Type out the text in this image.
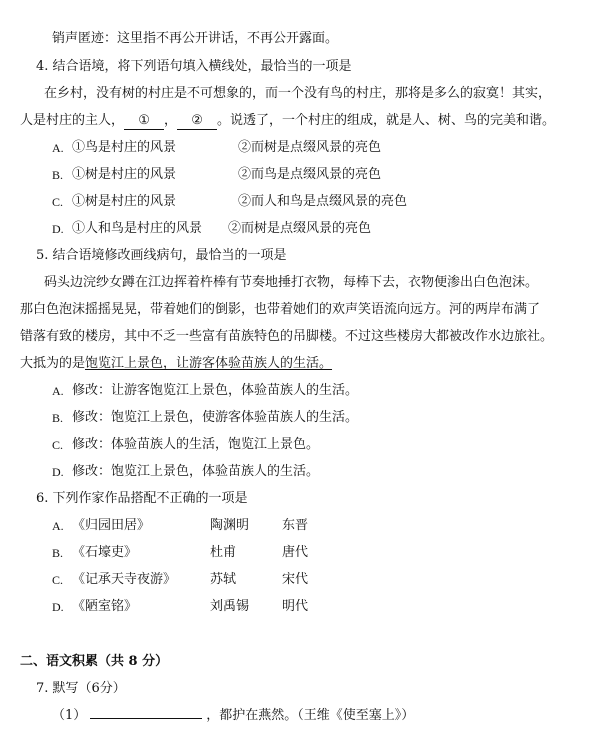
销声匿迹：这里指不再公开讲话，不再公开露面。
4. 结合语境，将下列语句填入横线处，最恰当的一项是
在乡村，没有树的村庄是不可想象的，而一个没有鸟的村庄，那将是多么的寂寞！其实，
人是村庄的主人， ① ， ② 。说透了，一个村庄的组成，就是人、树、鸟的完美和谐。
A. ①鸟是村庄的风景	②而树是点缀风景的亮色
B. ①树是村庄的风景	②而鸟是点缀风景的亮色
C. ①树是村庄的风景	②而人和鸟是点缀风景的亮色
D. ①人和鸟是村庄的风景 ②而树是点缀风景的亮色
5. 结合语境修改画线病句，最恰当的一项是
码头边浣纱女蹲在江边挥着杵棒有节奏地捶打衣物，每棒下去，衣物便渗出白色泡沫。
那白色泡沫摇摇晃晃，带着她们的倒影，也带着她们的欢声笑语流向远方。河的两岸布满了
错落有致的楼房，其中不乏一些富有苗族特色的吊脚楼。不过这些楼房大都被改作水边旅社。
大抵为的是饱览江上景色，让游客体验苗族人的生活。
A. 修改：让游客饱览江上景色，体验苗族人的生活。
B. 修改：饱览江上景色，使游客体验苗族人的生活。
C. 修改：体验苗族人的生活，饱览江上景色。
D. 修改：饱览江上景色，体验苗族人的生活。
6. 下列作家作品搭配不正确的一项是
A. 《归园田居》	陶渊明	东晋
B. 《石壕吏》	杜甫	唐代
C. 《记承天寺夜游》	苏轼	宋代
D. 《陋室铭》	刘禹锡	明代
二、语文积累（共 8 分）
7. 默写（6分）
（1）	，都护在燕然。（王维《使至塞上》）
